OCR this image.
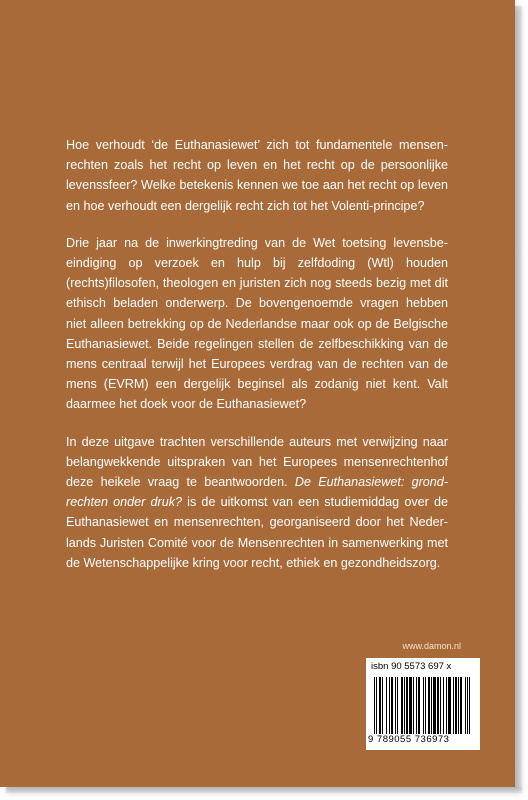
Hoe verhoudt ‘de Euthanasiewet’ zich tot fundamentele mensenrechten zoals het recht op leven en het recht op de persoonlijke levenssfeer? Welke betekenis kennen we toe aan het recht op leven en hoe verhoudt een dergelijk recht zich tot het Volenti-principe?

Drie jaar na de inwerkingtreding van de Wet toetsing levensbeeindiging op verzoek en hulp bij zelfdoding (Wtl) houden (rechts)filosofen, theologen en juristen zich nog steeds bezig met dit ethisch beladen onderwerp. De bovengenoemde vragen hebben niet alleen betrekking op de Nederlandse maar ook op de Belgische Euthanasiewet. Beide regelingen stellen de zelfbeschikking van de mens centraal terwijl het Europees verdrag van de rechten van de mens (EVRM) een dergelijk beginsel als zodanig niet kent. Valt daarmee het doek voor de Euthanasiewet?

In deze uitgave trachten verschillende auteurs met verwijzing naar belangwekkende uitspraken van het Europees mensenrechtenhof deze heikele vraag te beantwoorden. De Euthanasiewet: grondrechten onder druk? is de uitkomst van een studiemiddag over de Euthanasiewet en mensenrechten, georganiseerd door het Nederlands Juristen Comité voor de Mensenrechten in samenwerking met de Wetenschappelijke kring voor recht, ethiek en gezondheidszorg.

www.damon.nl
isbn 90 5573 697 x
9 789055 736973
